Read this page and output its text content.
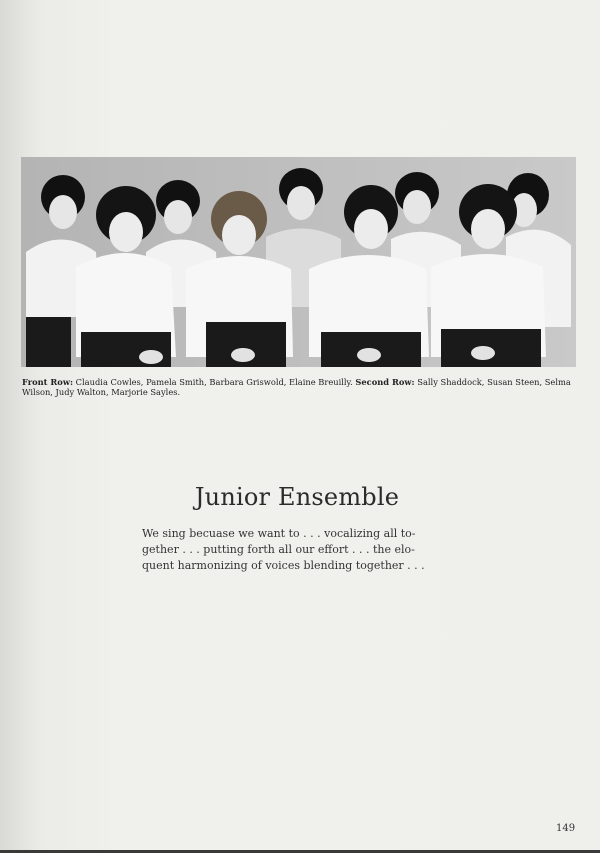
Front Row: Claudia Cowles, Pamela Smith, Barbara Griswold, Elaine Breuilly. Second Row: Sally Shaddock, Susan Steen, Selma Wilson, Judy Walton, Marjorie Sayles.
Junior Ensemble
We sing becuase we want to . . . vocalizing all to-
gether . . . putting forth all our effort . . . the elo-
quent harmonizing of voices blending together . . .
149
